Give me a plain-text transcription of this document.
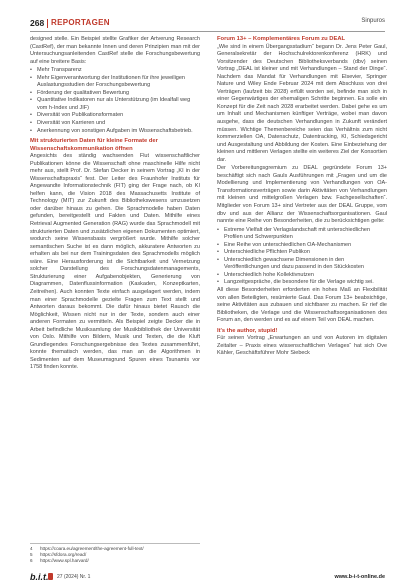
268 REPORTAGEN	Sinpuros

designed stelle. Ein Beispiel stellte Grafiker der Artverung Research (CastRef), der man bekannte Innen und deren Prinzipien man mit der Untersuchungsanleitenden CastRef stelle die Forschungsbewertung auf eine breitere Basis:

• Mehr Transparenz
• Mehr Eigenverantwortung der Institutionen für ihre jeweiligen Auslastungsstudien der Forschungsbewertung
• Förderung der qualitativen Bewertung
• Quantitative Indikatoren nur als Unterstützung (im Idealfall weg vom h-Index und JIF)
• Diversität von Publikationsformaten
• Diversität von Karrieren und
• Anerkennung von sonstigen Aufgaben im Wissenschaftsbetrieb.
Mit strukturierten Daten für kleine Formate der Wissenschaftskommunikation öffnen

Angesichts des ständig wachsenden Flut wissenschaftlicher Publikationen könne die Wissenschaft ohne maschinelle Hilfe nicht mehr aus, stellt Prof. Dr. Stefan Decker in seinem Vortrag „KI in der Wissenschaftspraxis“ fest. Der Leiter des Fraunhofer Instituts für Angewandte Informationstechnik (FIT) ging der Frage nach, ob KI helfen kann, die Vision 2018 des Massachusetts Institute of Technology (MIT) zur Zukunft des Bibliothekswesens umzusetzen oder darüber hinaus zu gehen. Die Sprachmodelle haben Daten gefunden, bereitgestellt und Fakten und Daten. Mithilfe eines Retrieval Augmented Generation (RAG) wurde das Sprachmodell mit strukturierten Daten und zusätzlichen eigenen Dokumenten optimiert, wodurch seine Wissensbasis vergrößert wurde. Mithilfe solcher semantischen Suche ist es dann möglich, akkuratere Antworten zu erhalten als bei nur dem Trainingsdaten des Sprachmodells möglich wäre. Eine Herausforderung ist die Sichtbarkeit und Vernetzung solcher Darstellung des Forschungsdatenmanagements, Strukturierung einer Aufgabenobjekten, Generierung von Diagrammen, Datenflussinformation (Kaskaden, Konzeptkarten, Zeitreihen). Auch konnten Texte einfach ausgelagert werden, indem man einer Sprachmodelle gezielte Fragen zum Text stellt und Antworten daraus bekommt. Die dafür hinaus bietet Rausch die Möglichkeit, Wissen nicht nur in der Texte, sondern auch einer anderen Formaten zu vermitteln. Als Beispiel zeigte Decker die in Arbeit befindliche Musiksamlung der Musikbibliothek der Universität von Oslo. Mithilfe von Bildern, Musik und Texten, die die Kluft Grundlegendes Forschungsergebnisse des Textes zusammenführt, konnte thematisch werden, das man an die Algorithmen in Sedimenten auf dem Museumsgrund Spuren eines Tsunamis vor 1758 finden konnte.

Forum 13+ – Komplementäres Forum zu DEAL

„Wie sind in einem Übergangsstadium“ begann Dr. Jens Peter Gaul, Generalsekretär der Hochschulrektorenkonferenz (HRK) und Vorsitzender des Deutschen Bibliotheksverbands (dbv) seinen Vortrag „DEAL ist kleiner und mit Verhandlungen – Stand der Dinge“. Nachdem das Mandat für Verhandlungen mit Elsevier, Springer Nature und Wiley Ende Februar 2024 mit dem Abschluss von drei Verträgen (laufzeit bis 2028) erfüllt worden sei, befinde man sich in einer Gegenwärtiges der ehemaligen Schritte beginnen. Es solle ein Konzept für die Zeit nach 2028 erarbeitet werden. Dabei gehe es um um Inhalt und Mechanismen künftiger Verträge, wobei man davon ausgehe, dass die deutschen Verhandlungen in Zukunft verändert müssen. Wichtige Themenbereiche seien das Verhältnis zum nicht kommerziellen OA, Datenschutz, Datentracking, KI, Schiedsgericht und Ausgestaltung und Abbildung der Kosten. Eine Einbeziehung der kleinen und mittleren Verlagen stellte ein weiteres Ziel der Konsortien dar.

Der Vorbereitungsgremium zu DEAL gegründete Forum 13+ beschäftigt sich nach Gauls Ausführungen mit „Fragen und um die Modellierung und Implementierung von Verhandlungen von OA-Transformationsverträgen sowie darin Aktivitäten von Verhandlungen mit kleinen und mittelgroßen Verlagen bzw. Fachgesellschaften“. Mitglieder von Forum 13+ sind Vertreter aus der DEAL Gruppe, vom dbv und aus der Allianz der Wissenschaftsorganisationen. Gaul nannte eine Reihe von Besonderheiten, die zu berücksichtigen gelte:

• Extreme Vielfalt der Verlagslandschaft mit unterschiedlichen Profilen und Schwerpunkten
• Eine Reihe von unterschiedlichen OA-Mechanismen
• Unterschiedliche Pflichten Publikon
• Unterschiedlich gewachsene Dimensionen in den Veröffentlichungen und dazu passend in den Stückkosten
• Unterschiedlich hohe Kollektivnutzen
• Langzeitgespräche, die besondere für die Verlage wichtig sei.

All diese Besonderheiten erforderten ein hohes Maß an Flexibilität von allen Beteiligten, resümierte Gaul. Das Forum 13+ beabsichtige, seine Aktivitäten aus zubauen und sichtbarer zu machen. Er rief die Bibliotheken, die Verlage und die Wissenschaftsorganisationen des Forum an, den werden und es auf einem Teil von DEAL machen.

It's the author, stupid!

Für seinen Vortrag „Erwartungen an und von Autoren im digitalen Zeitalter – Praxis eines wissenschaftlichen Verlages“ hat sich Ove Kähler, Geschäftsführer Mohr Siebeck

4 https://coara.eu/agreement/the-agreement-full-text/
5 https://sfdora.org/read/
6 https://www.spl.harvard/
b.i.t. 27 (2024) Nr. 1	www.b-i-t-online.de
